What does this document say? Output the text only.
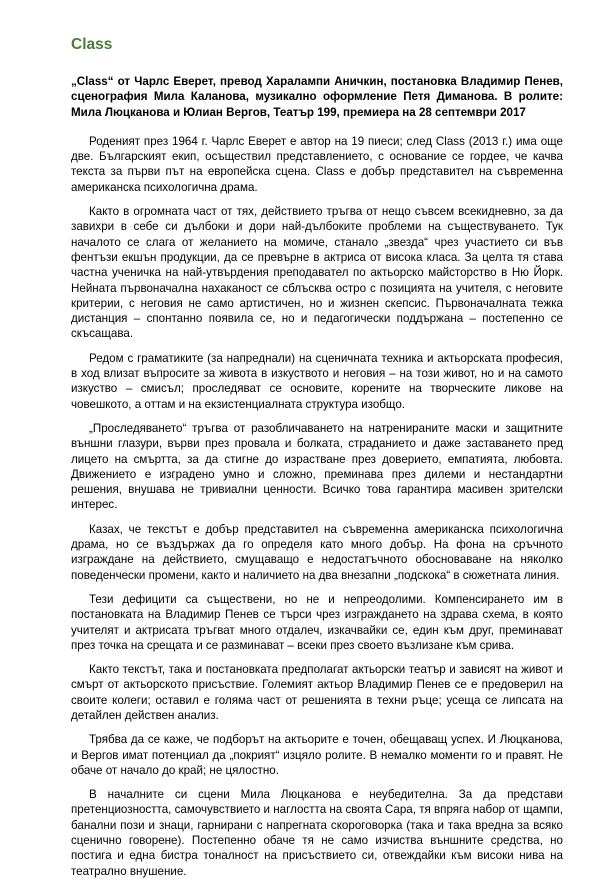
Class
„Class“ от Чарлс Еверет, превод Харалампи Аничкин, постановка Владимир Пенев, сценография Мила Каланова, музикално оформление Петя Диманова. В ролите: Мила Люцканова и Юлиан Вергов, Театър 199, премиера на 28 септември 2017
Роденият през 1964 г. Чарлс Еверет е автор на 19 пиеси; след Class (2013 г.) има още две. Българският екип, осъществил представлението, с основание се гордее, че качва текста за първи път на европейска сцена. Class е добър представител на съвременна американска психологична драма.
Както в огромната част от тях, действието тръгва от нещо съвсем всекидневно, за да завихри в себе си дълбоки и дори най-дълбоките проблеми на съществуването. Тук началото се слага от желанието на момиче, станало „звезда“ чрез участието си във фентъзи екшън продукции, да се превърне в актриса от висока класа. За целта тя става частна ученичка на най-утвърдения преподавател по актьорско майсторство в Ню Йорк. Нейната първоначална нахаканост се сблъсква остро с позицията на учителя, с неговите критерии, с неговия не само артистичен, но и жизнен скепсис. Първоначалната тежка дистанция – спонтанно появила се, но и педагогически поддържана – постепенно се скъсащава.
Редом с граматиките (за напреднали) на сценичната техника и актьорската професия, в ход влизат въпросите за живота в изкуството и неговия – на този живот, но и на самото изкуство – смисъл; проследяват се основите, корените на творческите ликове на човешкото, а оттам и на екзистенциалната структура изобщо.
„Проследяването“ тръгва от разобличаването на натренираните маски и защитните външни глазури, върви през провала и болката, страданието и даже заставането пред лицето на смъртта, за да стигне до израстване през доверието, емпатията, любовта. Движението е изградено умно и сложно, преминава през дилеми и нестандартни решения, внушава не тривиални ценности. Всичко това гарантира масивен зрителски интерес.
Казах, че текстът е добър представител на съвременна американска психологична драма, но се въздържах да го определя като много добър. На фона на сръчното изграждане на действието, смущаващо е недостатъчното обосноваване на няколко поведенчески промени, както и наличието на два внезапни „подскока“ в сюжетната линия.
Тези дефицити са съществени, но не и непреодолими. Компенсирането им в постановката на Владимир Пенев се търси чрез изграждането на здрава схема, в която учителят и актрисата тръгват много отдалеч, изкачвайки се, един към друг, преминават през точка на срещата и се разминават – всеки през своето възлизане към срива.
Както текстът, така и постановката предполагат актьорски театър и зависят на живот и смърт от актьорското присъствие. Големият актьор Владимир Пенев се е предоверил на своите колеги; оставил е голяма част от решенията в техни ръце; усеща се липсата на детайлен действен анализ.
Трябва да се каже, че подборът на актьорите е точен, обещаващ успех. И Люцканова, и Вергов имат потенциал да „покрият“ изцяло ролите. В немалко моменти го и правят. Не обаче от начало до край; не цялостно.
В началните си сцени Мила Люцканова е неубедителна. За да представи претенциозността, самочувствието и наглостта на своята Сара, тя впряга набор от щампи, банални пози и знаци, гарнирани с напрегната скороговорка (така и така вредна за всяко сценично говорене). Постепенно обаче тя не само изчиства външните средства, но постига и една бистра тоналност на присъствието си, отвеждайки към високи нива на театрално внушение.
